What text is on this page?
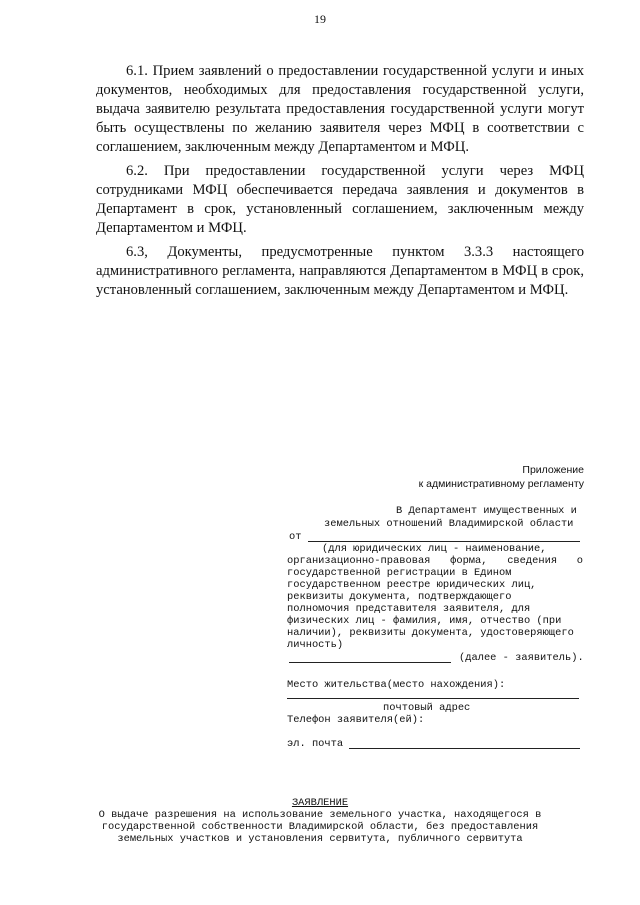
19

6.1. Прием заявлений о предоставлении государственной услуги и иных документов, необходимых для предоставления государственной услуги, выдача заявителю результата предоставления государственной услуги могут быть осуществлены по желанию заявителя через МФЦ в соответствии с соглашением, заключенным между Департаментом и МФЦ.

6.2. При предоставлении государственной услуги через МФЦ сотрудниками МФЦ обеспечивается передача заявления и документов в Департамент в срок, установленный соглашением, заключенным между Департаментом и МФЦ.

6.3, Документы, предусмотренные пунктом 3.3.3 настоящего административного регламента, направляются Департаментом в МФЦ в срок, установленный соглашением, заключенным между Департаментом и МФЦ.

Приложение
к административному регламенту
В Департамент имущественных и
земельных отношений Владимирской области
от
(для юридических лиц - наименование,
организационно-правовая форма, сведения о
государственной регистрации в Едином
государственном реестре юридических лиц,
реквизиты документа, подтверждающего
полномочия представителя заявителя, для
физических лиц - фамилия, имя, отчество (при
наличии), реквизиты документа, удостоверяющего
личность)
(далее - заявитель).
Место жительства(место нахождения):
почтовый адрес
Телефон заявителя(ей):
эл. почта
ЗАЯВЛЕНИЕ
О выдаче разрешения на использование земельного участка, находящегося в
государственной собственности Владимирской области, без предоставления
земельных участков и установления сервитута, публичного сервитута
